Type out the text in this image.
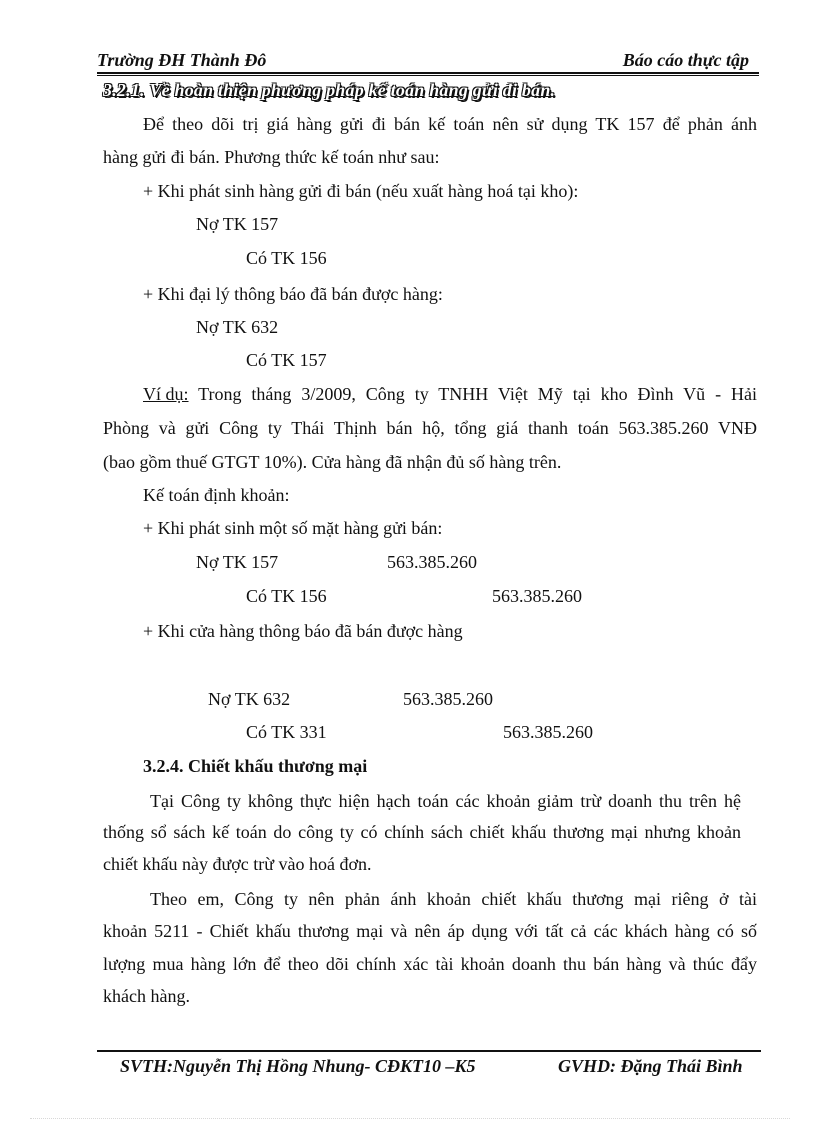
Trường ĐH Thành Đô	Báo cáo thực tập
3.2.1. Về hoàn thiện phương pháp kế toán hàng gửi đi bán.
Để theo dõi trị giá hàng gửi đi bán kế toán nên sử dụng TK 157 để phản ánh
hàng gửi đi bán. Phương thức kế toán như sau:
+ Khi phát sinh hàng gửi đi bán (nếu xuất hàng hoá tại kho):
Nợ TK 157
Có TK 156
+ Khi đại lý thông báo đã bán được hàng:
Nợ TK 632
Có TK 157
Ví dụ: Trong tháng 3/2009, Công ty TNHH Việt Mỹ tại kho Đình Vũ - Hải
Phòng và gửi Công ty Thái Thịnh bán hộ, tổng giá thanh toán 563.385.260 VNĐ
(bao gồm thuế GTGT 10%). Cửa hàng đã nhận đủ số hàng trên.
Kế toán định khoản:
+ Khi phát sinh một số mặt hàng gửi bán:
Nợ TK 157	563.385.260
Có TK 156	563.385.260
+ Khi cửa hàng thông báo đã bán được hàng
Nợ TK 632	563.385.260
Có TK 331	563.385.260
3.2.4. Chiết khấu thương mại
Tại Công ty không thực hiện hạch toán các khoản giảm trừ doanh thu trên hệ
thống sổ sách kế toán do công ty có chính sách chiết khấu thương mại nhưng khoản
chiết khấu này được trừ vào hoá đơn.
Theo em, Công ty nên phản ánh khoản chiết khấu thương mại riêng ở tài
khoản 5211 - Chiết khấu thương mại và nên áp dụng với tất cả các khách hàng có số
lượng mua hàng lớn để theo dõi chính xác tài khoản doanh thu bán hàng và thúc đẩy
khách hàng.
SVTH:Nguyễn Thị Hồng Nhung- CĐKT10 –K5	GVHD: Đặng Thái Bình
